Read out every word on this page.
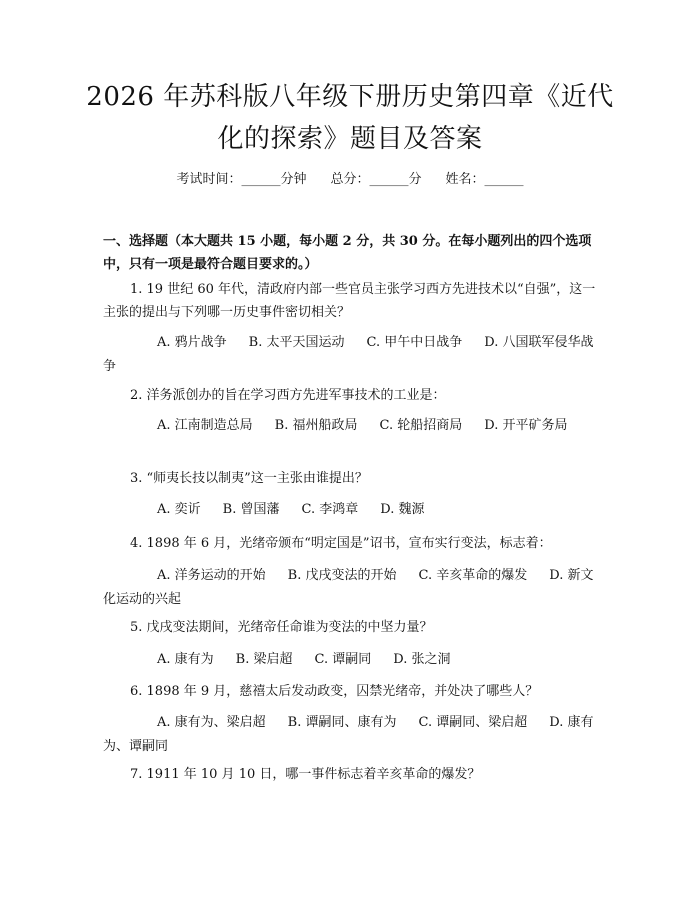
2026 年苏科版八年级下册历史第四章《近代
化的探索》题目及答案
考试时间：______分钟 总分：______分 姓名：______
一、选择题（本大题共 15 小题，每小题 2 分，共 30 分。在每小题列出的四个选项中，只有一项是最符合题目要求的。）
1. 19 世纪 60 年代，清政府内部一些官员主张学习西方先进技术以“自强”，这一主张的提出与下列哪一历史事件密切相关？
A. 鸦片战争 B. 太平天国运动 C. 甲午中日战争 D. 八国联军侵华战争
2. 洋务派创办的旨在学习西方先进军事技术的工业是：
A. 江南制造总局 B. 福州船政局 C. 轮船招商局 D. 开平矿务局
3. “师夷长技以制夷”这一主张由谁提出？
A. 奕䜣 B. 曾国藩 C. 李鸿章 D. 魏源
4. 1898 年 6 月，光绪帝颁布“明定国是”诏书，宣布实行变法，标志着：
A. 洋务运动的开始 B. 戊戌变法的开始 C. 辛亥革命的爆发 D. 新文化运动的兴起
5. 戊戌变法期间，光绪帝任命谁为变法的中坚力量？
A. 康有为 B. 梁启超 C. 谭嗣同 D. 张之洞
6. 1898 年 9 月，慈禧太后发动政变，囚禁光绪帝，并处决了哪些人？
A. 康有为、梁启超 B. 谭嗣同、康有为 C. 谭嗣同、梁启超 D. 康有为、谭嗣同
7. 1911 年 10 月 10 日，哪一事件标志着辛亥革命的爆发？
